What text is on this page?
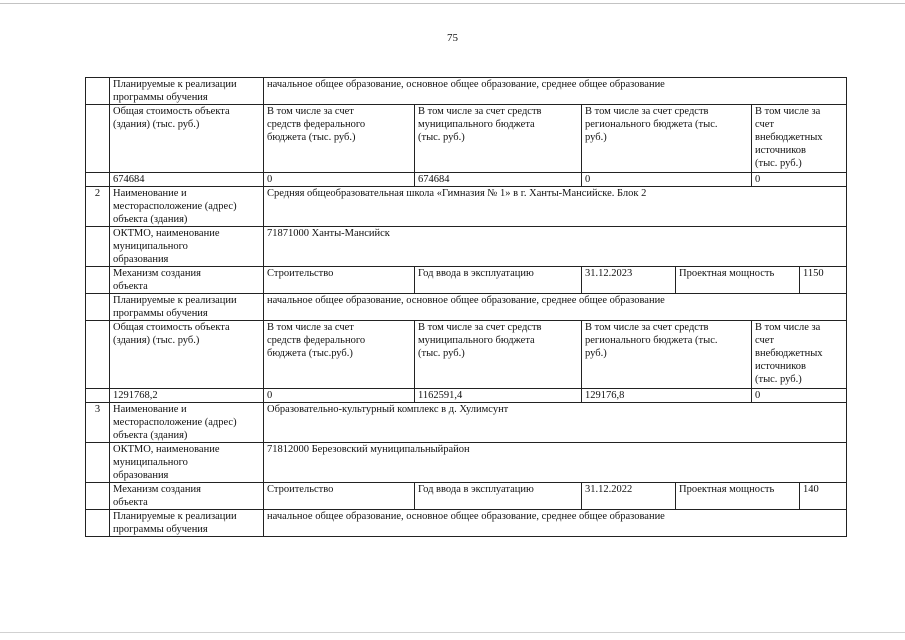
75
	Планируемые к реализации
программы обучения	начальное общее образование, основное общее образование, среднее общее образование					
	Общая стоимость объекта
(здания) (тыс. руб.)	В том числе за счет
средств федерального
бюджета (тыс. руб.)	В том числе за счет средств
муниципального бюджета
(тыс. руб.)	В том числе за счет средств
регионального бюджета (тыс.
руб.)		В том числе за
счет
внебюджетных
источников
(тыс. руб.)	
	674684	0	674684	0		0	
2	Наименование и
месторасположение (адрес)
объекта (здания)	Средняя общеобразовательная школа «Гимназия № 1» в г. Ханты-Мансийске. Блок 2					
	ОКТМО, наименование
муниципального
образования	71871000 Ханты-Мансийск					
	Механизм создания
объекта	Строительство	Год ввода в эксплуатацию	31.12.2023	Проектная мощность		1150
	Планируемые к реализации
программы обучения	начальное общее образование, основное общее образование, среднее общее образование					
	Общая стоимость объекта
(здания) (тыс. руб.)	В том числе за счет
средств федерального
бюджета (тыс.руб.)	В том числе за счет средств
муниципального бюджета
(тыс. руб.)	В том числе за счет средств
регионального бюджета (тыс.
руб.)		В том числе за
счет
внебюджетных
источников
(тыс. руб.)	
	1291768,2	0	1162591,4	129176,8		0	
3	Наименование и
месторасположение (адрес)
объекта (здания)	Образовательно-культурный комплекс в д. Хулимсунт					
	ОКТМО, наименование
муниципального
образования	71812000 Березовский муниципальныйрайон					
	Механизм создания
объекта	Строительство	Год ввода в эксплуатацию	31.12.2022	Проектная мощность		140
	Планируемые к реализации
программы обучения	начальное общее образование, основное общее образование, среднее общее образование					
